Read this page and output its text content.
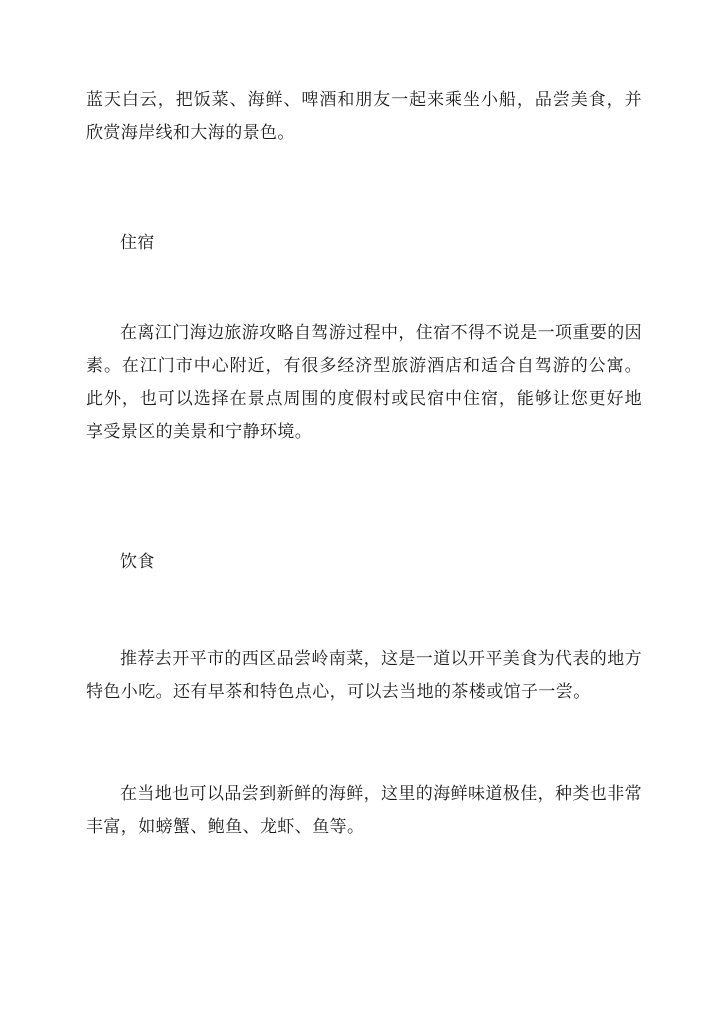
蓝天白云，把饭菜、海鲜、啤酒和朋友一起来乘坐小船，品尝美食，并欣赏海岸线和大海的景色。

住宿

在离江门海边旅游攻略自驾游过程中，住宿不得不说是一项重要的因素。在江门市中心附近，有很多经济型旅游酒店和适合自驾游的公寓。此外，也可以选择在景点周围的度假村或民宿中住宿，能够让您更好地享受景区的美景和宁静环境。

饮食

推荐去开平市的西区品尝岭南菜，这是一道以开平美食为代表的地方特色小吃。还有早茶和特色点心，可以去当地的茶楼或馆子一尝。

在当地也可以品尝到新鲜的海鲜，这里的海鲜味道极佳，种类也非常丰富，如螃蟹、鲍鱼、龙虾、鱼等。
